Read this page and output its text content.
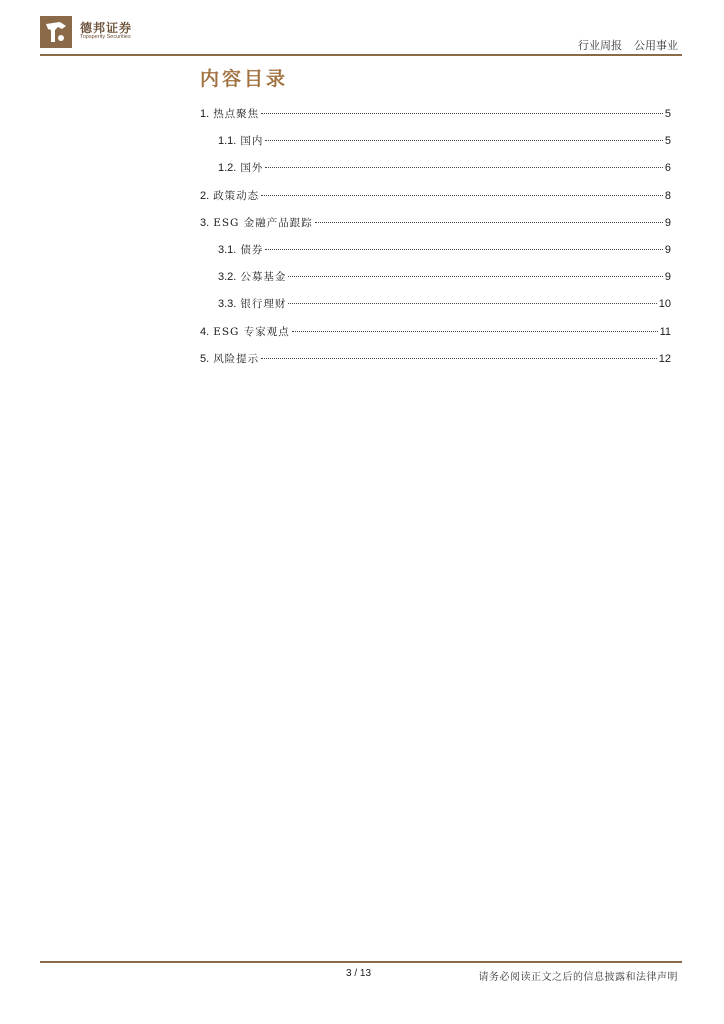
德邦证券
Topsperity Securities
行业周报 公用事业
内容目录
1. 热点聚焦	5
1.1. 国内	5
1.2. 国外	6
2. 政策动态	8
3. ESG 金融产品跟踪	9
3.1. 债券	9
3.2. 公募基金	9
3.3. 银行理财	10
4. ESG 专家观点	11
5. 风险提示	12
3 / 13	请务必阅读正文之后的信息披露和法律声明
